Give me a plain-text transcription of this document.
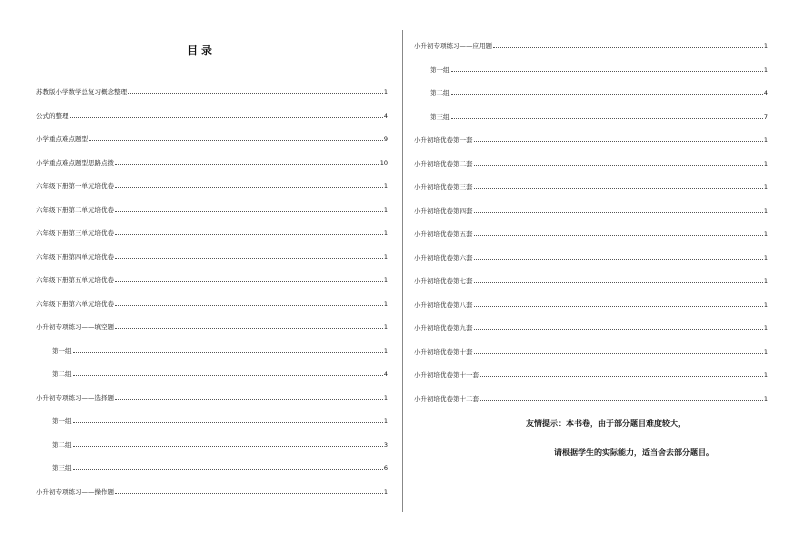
目录
苏教版小学数学总复习概念整理	1
公式的整理	4
小学重点难点题型	9
小学重点难点题型思路点拨	10
六年级下册第一单元培优卷	1
六年级下册第二单元培优卷	1
六年级下册第三单元培优卷	1
六年级下册第四单元培优卷	1
六年级下册第五单元培优卷	1
六年级下册第六单元培优卷	1
小升初专项练习——填空题	1
第一组	1
第二组	4
小升初专项练习——选择题	1
第一组	1
第二组	3
第三组	6
小升初专项练习——操作题	1
小升初专项练习——应用题	1
第一组	1
第二组	4
第三组	7
小升初培优卷第一套	1
小升初培优卷第二套	1
小升初培优卷第三套	1
小升初培优卷第四套	1
小升初培优卷第五套	1
小升初培优卷第六套	1
小升初培优卷第七套	1
小升初培优卷第八套	1
小升初培优卷第九套	1
小升初培优卷第十套	1
小升初培优卷第十一套	1
小升初培优卷第十二套	1
友情提示：本书卷，由于部分题目难度较大，
请根据学生的实际能力，适当舍去部分题目。
